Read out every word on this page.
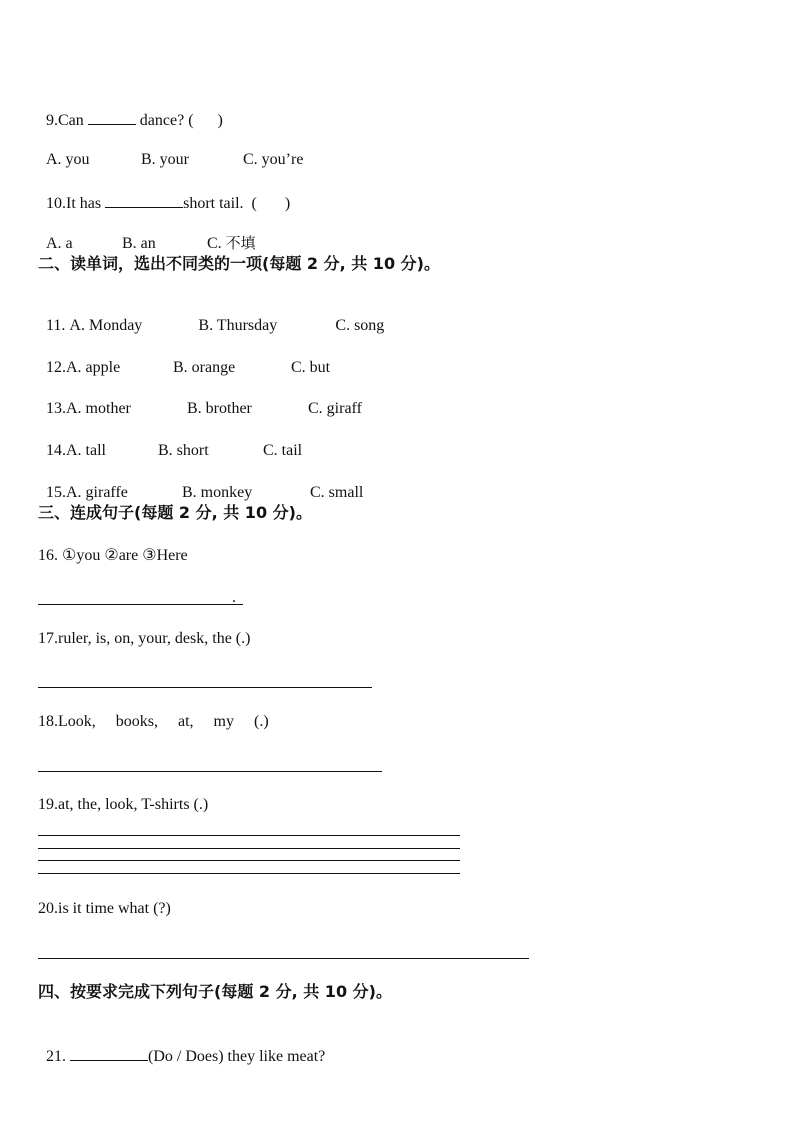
9.Can	dance? (      )

A. you	B. your	C. you’re

10.It has	short tail.  (       )

A. a	B. an	C. 不填

二、读单词，选出不同类的一项(每题 2 分, 共 10 分)。

11. A. Monday	B. Thursday	C. song

12.A. apple	B. orange	C. but

13.A. mother	B. brother	C. giraff

14.A. tall	B. short	C. tail

15.A. giraffe	B. monkey	C. small

三、连成句子(每题 2 分, 共 10 分)。
16. ①you ②are ③Here
.
17.ruler, is, on, your, desk, the (.)
18.Look,     books,     at,     my     (.)
19.at, the, look, T-shirts (.)
20.is it time what (?)
四、按要求完成下列句子(每题 2 分, 共 10 分)。

21.	(Do / Does) they like meat?
